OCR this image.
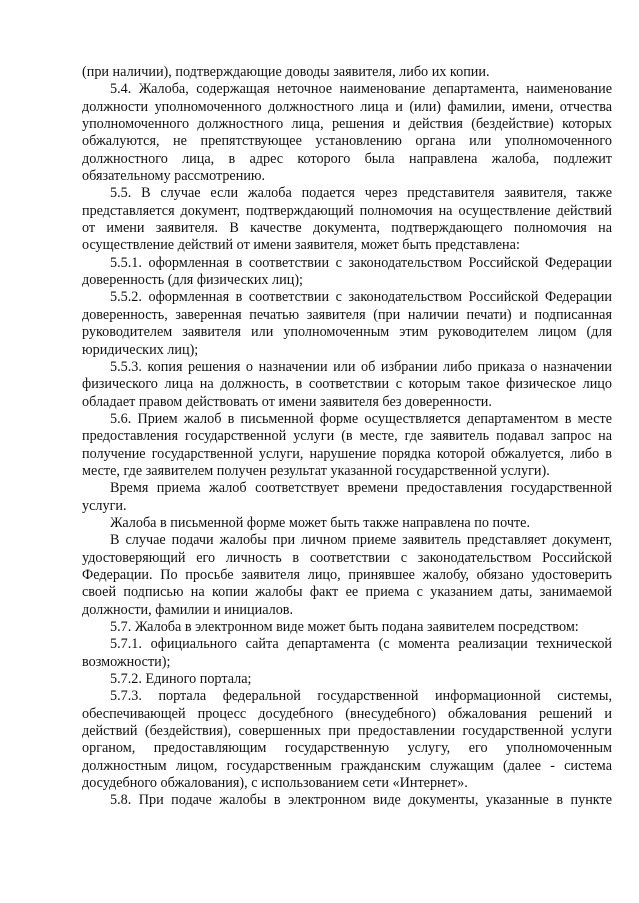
(при наличии), подтверждающие доводы заявителя, либо их копии.

5.4. Жалоба, содержащая неточное наименование департамента, наименование должности уполномоченного должностного лица и (или) фамилии, имени, отчества уполномоченного должностного лица, решения и действия (бездействие) которых обжалуются, не препятствующее установлению органа или уполномоченного должностного лица, в адрес которого была направлена жалоба, подлежит обязательному рассмотрению.

5.5. В случае если жалоба подается через представителя заявителя, также представляется документ, подтверждающий полномочия на осуществление действий от имени заявителя. В качестве документа, подтверждающего полномочия на осуществление действий от имени заявителя, может быть представлена:

5.5.1. оформленная в соответствии с законодательством Российской Федерации доверенность (для физических лиц);

5.5.2. оформленная в соответствии с законодательством Российской Федерации доверенность, заверенная печатью заявителя (при наличии печати) и подписанная руководителем заявителя или уполномоченным этим руководителем лицом (для юридических лиц);

5.5.3. копия решения о назначении или об избрании либо приказа о назначении физического лица на должность, в соответствии с которым такое физическое лицо обладает правом действовать от имени заявителя без доверенности.

5.6. Прием жалоб в письменной форме осуществляется департаментом в месте предоставления государственной услуги (в месте, где заявитель подавал запрос на получение государственной услуги, нарушение порядка которой обжалуется, либо в месте, где заявителем получен результат указанной государственной услуги).

Время приема жалоб соответствует времени предоставления государственной услуги.

Жалоба в письменной форме может быть также направлена по почте.

В случае подачи жалобы при личном приеме заявитель представляет документ, удостоверяющий его личность в соответствии с законодательством Российской Федерации. По просьбе заявителя лицо, принявшее жалобу, обязано удостоверить своей подписью на копии жалобы факт ее приема с указанием даты, занимаемой должности, фамилии и инициалов.

5.7. Жалоба в электронном виде может быть подана заявителем посредством:

5.7.1. официального сайта департамента (с момента реализации технической возможности);

5.7.2. Единого портала;

5.7.3. портала федеральной государственной информационной системы, обеспечивающей процесс досудебного (внесудебного) обжалования решений и действий (бездействия), совершенных при предоставлении государственной услуги органом, предоставляющим государственную услугу, его уполномоченным должностным лицом, государственным гражданским служащим (далее - система досудебного обжалования), с использованием сети «Интернет».

5.8. При подаче жалобы в электронном виде документы, указанные в пункте
